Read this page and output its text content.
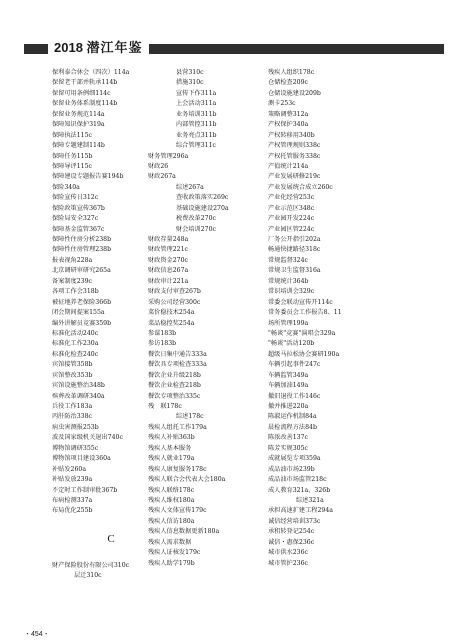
2018 潜江年鉴
保利泰合休会（四次）114a
保留老干部并轨承114b
保留可用条例细114c
保留业务体系制度114b
保留业务规范114a
保障知识保护319a
保障执法115c
保障专题建制114b
保障任务115b
保障导评115c
保障建设专题报告赛194b
保险340a
保险宣传日312c
保险政策宣传367b
保险局安全327c
保障基金监管367c
保障性住房分析238b
保障性住房管理238b
报表视角228a
北京调研审研究265a
备案制度239c
各项工作会318b
被征地养老保险366b
闭会期间提案155a
编外讲解员竞赛359b
标准化活动240c
标准化工作230a
标准化检查240c
宾馆接管358b
宾馆整改353b
宾馆设施整治348b
殡葬改革调研340a
兵役工作183a
丙肝防治338c
病虫害测报253b
波及国家级机关退出740c
博物馆调研355c
博物馆项目建设360a
补贴发260a
补贴发放239a
不定时工作制审批367b
布病检测337a
布局优化255b
C
财产保险股份有限公司310c
层迁310c
县营310c
措施310c
宣传下作311a
上会活动311a
业务培训311b
内部管控311b
业务亮点311b
综合管理311c
财务管理296a
财政26
财政267a
综述267a
查收政策落实269c
基础设施建设270a
税费改革270c
财会培训270c
财政存量248a
财政管理221c
财政资金270c
财政信息267a
财政审计221a
财政支付审查267b
采购公司经营300c
菜价稳技术254a
菜品稳控奖254a
参谋183b
参访183b
餐饮日集中通告333a
餐饮具专项检查333a
餐饮企业升级218b
餐饮企业检查218b
餐饮专项整治335c
残　联178c
综述178c
残疾人组托工作179a
残疾人补贴363b
残疾人基本服务
残疾人就业179a
残疾人康复服务178c
残疾人联合会代表大会180a
残疾人联络178c
残疾人维权180a
残疾人文体宣传179c
残疾人信访180a
残疾人信息数据更新180a
残疾人需求数据
残疾人证核发179c
残疾人助学179b
残疾人组织178c
仓储检查209c
仓储设施建设209b
测卡253c
策略调整312a
产权保护340a
产权转移用340b
产权管理规则338c
产权托管服务338c
产值统计214a
产业发展研修219c
产业发展统合成立260c
产业化经营253c
产业示范区348c
产业园开发224c
产业园区管224c
厂务公开指引202a
畅通快捷路径318c
常规监督324c
常规卫生监督316a
常规统计364b
常识培训会329c
常委会联动宣传开114c
常务委员会工作报告8、11
场所管理199a
"畅谈"竞赛"演唱会329a
"畅谈"活动120b
超级马拉松协会赛研190a
车辆引起事件247c
车辆监管349a
车辆加油149a
撤旧退役工作146c
撤并推进220a
陈淑运作机制84a
晨检流程方法84b
陈浓改善137c
陈芳实规305c
成就展览专项359a
成品油市场239b
成品油市场监管218c
成人教育321a、326b
综述321a
承担高速扩建工程294a
诚信经营培训373c
承租转登记254c
诚信・惠保236c
城市供水236c
城市管护236c
・454・
